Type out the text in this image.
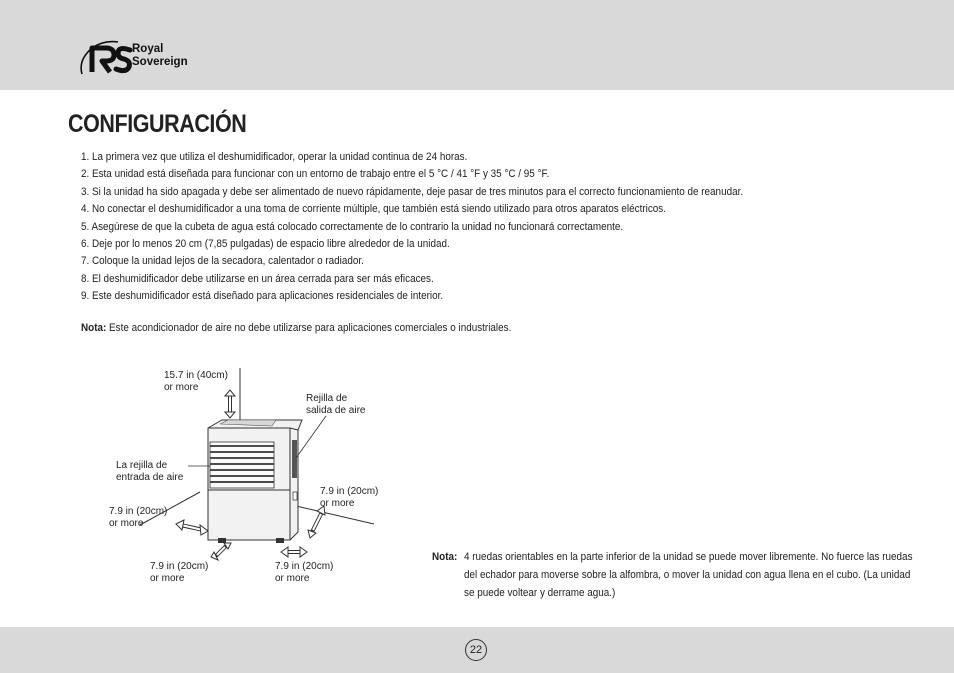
Royal
Sovereign
CONFIGURACIÓN
1. La primera vez que utiliza el deshumidificador, operar la unidad continua de 24 horas.
2. Esta unidad está diseñada para funcionar con un entorno de trabajo entre el 5 °C / 41 °F y 35 °C / 95 °F.
3. Si la unidad ha sido apagada y debe ser alimentado de nuevo rápidamente, deje pasar de tres minutos para el correcto funcionamiento de reanudar.
4. No conectar el deshumidificador a una toma de corriente múltiple, que también está siendo utilizado para otros aparatos eléctricos.
5. Asegúrese de que la cubeta de agua está colocado correctamente de lo contrario la unidad no funcionará correctamente.
6. Deje por lo menos 20 cm (7,85 pulgadas) de espacio libre alrededor de la unidad.
7. Coloque la unidad lejos de la secadora, calentador o radiador.
8. El deshumidificador debe utilizarse en un área cerrada para ser más eficaces.
9. Este deshumidificador está diseñado para aplicaciones residenciales de interior.
Nota: Este acondicionador de aire no debe utilizarse para aplicaciones comerciales o industriales.
15.7 in (40cm)
or more
Rejilla de
salida de aire
La rejilla de
entrada de aire
7.9 in (20cm)
or more
7.9 in (20cm)
or more
7.9 in (20cm)
or more
7.9 in (20cm)
or more
Nota: 4 ruedas orientables en la parte inferior de la unidad se puede mover libremente. No fuerce las ruedas del echador para moverse sobre la alfombra, o mover la unidad con agua llena en el cubo. (La unidad se puede voltear y derrame agua.)
22
